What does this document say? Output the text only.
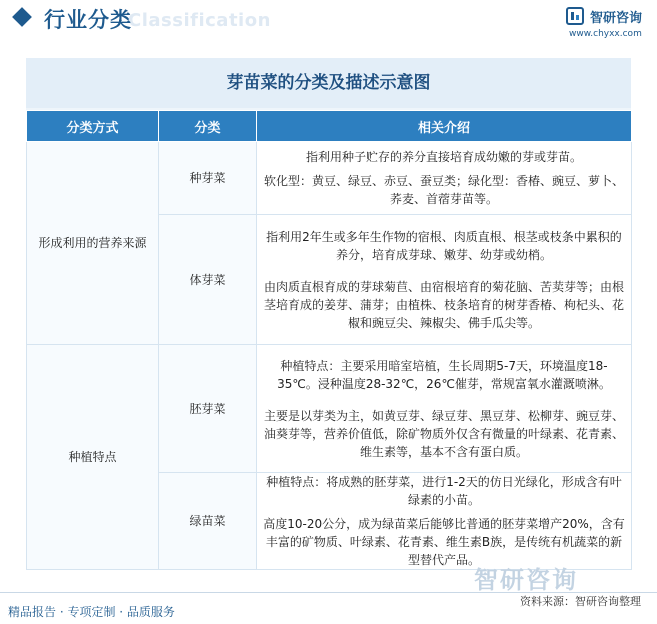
Classification
行业分类	智研咨询
www.chyxx.com
芽苗菜的分类及描述示意图
分类方式	分类	相关介绍
形成利用的营养来源	种芽菜	指利用种子贮存的养分直接培育成幼嫩的芽或芽苗。

软化型：黄豆、绿豆、赤豆、蚕豆类；绿化型：香椿、豌豆、萝卜、荞麦、首蓿芽苗等。

	体芽菜	指利用2年生或多年生作物的宿根、肉质直根、根茎或枝条中累积的养分，培育成芽球、嫩芽、幼芽或幼梢。

由肉质直根育成的芽球菊苣、由宿根培育的菊花脑、苦荬芽等；由根茎培育成的姜芽、蒲芽；由植株、枝条培育的树芽香椿、枸杞头、花椒和豌豆尖、辣椒尖、佛手瓜尖等。

种植特点	胚芽菜	种植特点：主要采用暗室培植，生长周期5-7天，环境温度18-35℃。浸种温度28-32℃，26℃催芽，常规富氧水灌溉喷淋。

主要是以芽类为主，如黄豆芽、绿豆芽、黑豆芽、松柳芽、豌豆芽、油葵芽等，营养价值低，除矿物质外仅含有微量的叶绿素、花青素、维生素等，基本不含有蛋白质。

	绿苗菜	种植特点：将成熟的胚芽菜，进行1-2天的仿日光绿化，形成含有叶绿素的小苗。

高度10-20公分，成为绿苗菜后能够比普通的胚芽菜增产20%，含有丰富的矿物质、叶绿素、花青素、维生素B族，是传统有机蔬菜的新型替代产品。

智研咨询
精品报告 · 专项定制 · 品质服务
资料来源：智研咨询整理
